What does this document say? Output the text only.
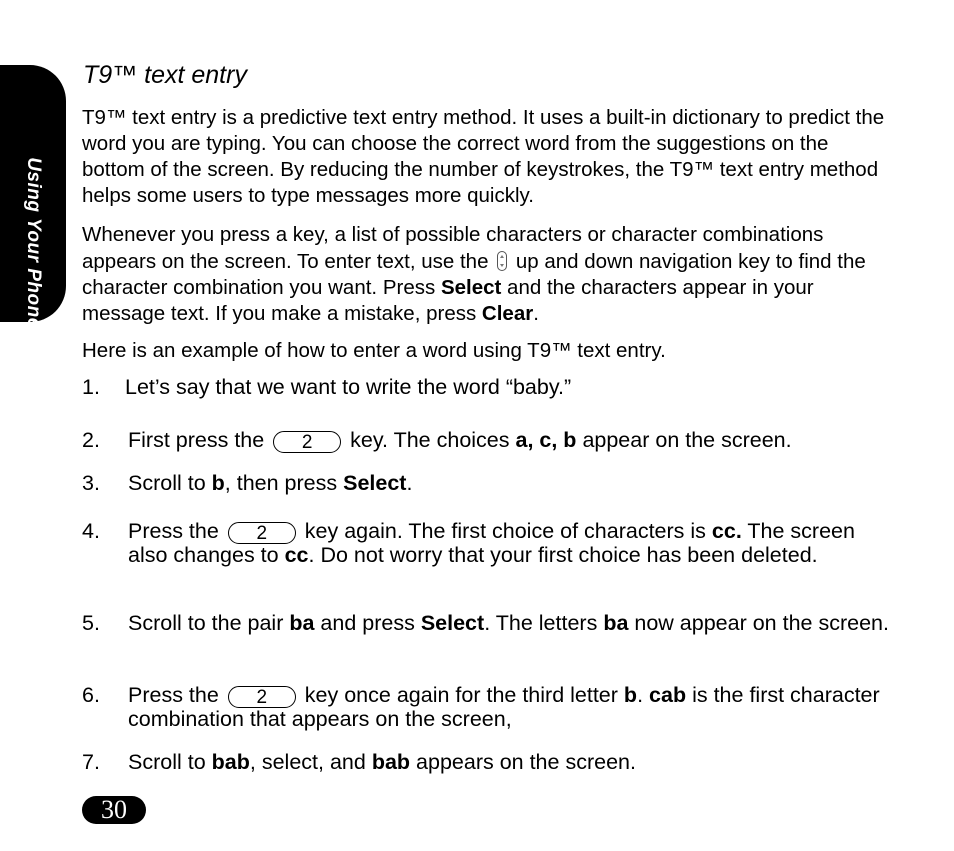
Using Your Phone
T9™ text entry

T9™ text entry is a predictive text entry method. It uses a built-in dictionary to predict the word you are typing. You can choose the correct word from the suggestions on the bottom of the screen. By reducing the number of keystrokes, the T9™ text entry method helps some users to type messages more quickly.

Whenever you press a key, a list of possible characters or character combinations appears on the screen. To enter text, use the up and down navigation key to find the character combination you want. Press Select and the characters appear in your message text. If you make a mistake, press Clear.

Here is an example of how to enter a word using T9™ text entry.

1. Let’s say that we want to write the word “baby.”
2. First press the 2 key. The choices a, c, b appear on the screen.
3. Scroll to b, then press Select.
4. Press the 2 key again. The first choice of characters is cc. The screen also changes to cc. Do not worry that your first choice has been deleted.
5. Scroll to the pair ba and press Select. The letters ba now appear on the screen.
6. Press the 2 key once again for the third letter b. cab is the first character combination that appears on the screen,
7. Scroll to bab, select, and bab appears on the screen.
30
